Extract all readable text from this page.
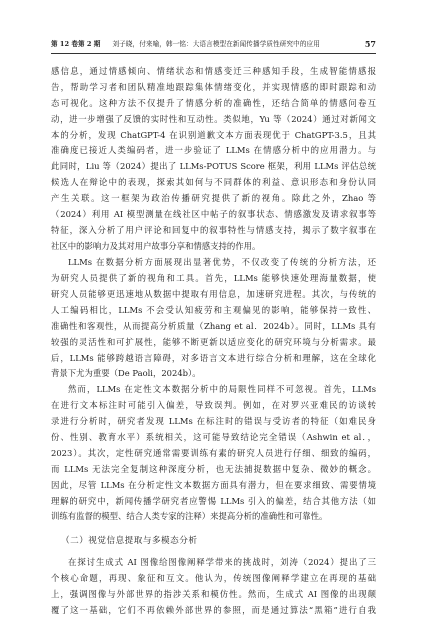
第 12 卷第 2 期 刘子晓，付来喻，韩一铭：大语言模型在新闻传播学质性研究中的应用	57
感信息，通过情感倾向、情绪状态和情感变迁三种感知手段，生成智能情感报
告，帮助学习者和团队精准地跟踪集体情绪变化，并实现情感的即时跟踪和动
态可视化。这种方法不仅提升了情感分析的准确性，还结合简单的情感问卷互
动，进一步增强了反馈的实时性和互动性。类似地，Yu 等（2024）通过对新闻文
本的分析，发现 ChatGPT-4 在识别道歉文本方面表现优于 ChatGPT-3.5，且其
准确度已接近人类编码者，进一步验证了 LLMs 在情感分析中的应用潜力。与
此同时，Liu 等（2024）提出了 LLMs-POTUS Score 框架，利用 LLMs 评估总统
候选人在辩论中的表现，探索其如何与不同群体的利益、意识形态和身份认同
产生关联。这一框架为政治传播研究提供了新的视角。除此之外，Zhao 等
（2024）利用 AI 模型测量在线社区中帖子的叙事状态、情感激发及请求叙事等
特征，深入分析了用户评论和回复中的叙事特性与情感支持，揭示了数字叙事在
社区中的影响力及其对用户故事分享和情感支持的作用。
LLMs 在数据分析方面展现出显著优势，不仅改变了传统的分析方法，还
为研究人员提供了新的视角和工具。首先，LLMs 能够快速处理海量数据，使
研究人员能够更迅速地从数据中提取有用信息，加速研究进程。其次，与传统的
人工编码相比，LLMs 不会受认知疲劳和主观偏见的影响，能够保持一致性、
准确性和客观性，从而提高分析质量（Zhang et al．2024b）。同时，LLMs 具有
较强的灵活性和可扩展性，能够不断更新以适应变化的研究环境与分析需求。最
后，LLMs 能够跨越语言障碍，对多语言文本进行综合分析和理解，这在全球化
背景下尤为重要（De Paoli，2024b）。
然而，LLMs 在定性文本数据分析中的局限性同样不可忽视。首先，LLMs
在进行文本标注时可能引入偏差，导致误判。例如，在对罗兴亚难民的访谈转
录进行分析时，研究者发现 LLMs 在标注时的错误与受访者的特征（如难民身
份、性别、教育水平）系统相关，这可能导致结论完全错误（Ashwin et al．，
2023）。其次，定性研究通常需要训练有素的研究人员进行仔细、细致的编码，
而 LLMs 无法完全复制这种深度分析，也无法捕捉数据中复杂、微妙的概念。
因此，尽管 LLMs 在分析定性文本数据方面具有潜力，但在要求细致、需要情境
理解的研究中，新闻传播学研究者应警惕 LLMs 引入的偏差，结合其他方法（如
训练有监督的模型、结合人类专家的注释）来提高分析的准确性和可靠性。
（二）视觉信息提取与多模态分析
在探讨生成式 AI 图像给图像阐释学带来的挑战时，刘涛（2024）提出了三
个核心命题，再现、象征和互文。他认为，传统图像阐释学建立在再现的基础
上，强调图像与外部世界的指涉关系和模仿性。然而，生成式 AI 图像的出现颠
覆了这一基础，它们不再依赖外部世界的参照，而是通过算法“黑箱”进行自我
